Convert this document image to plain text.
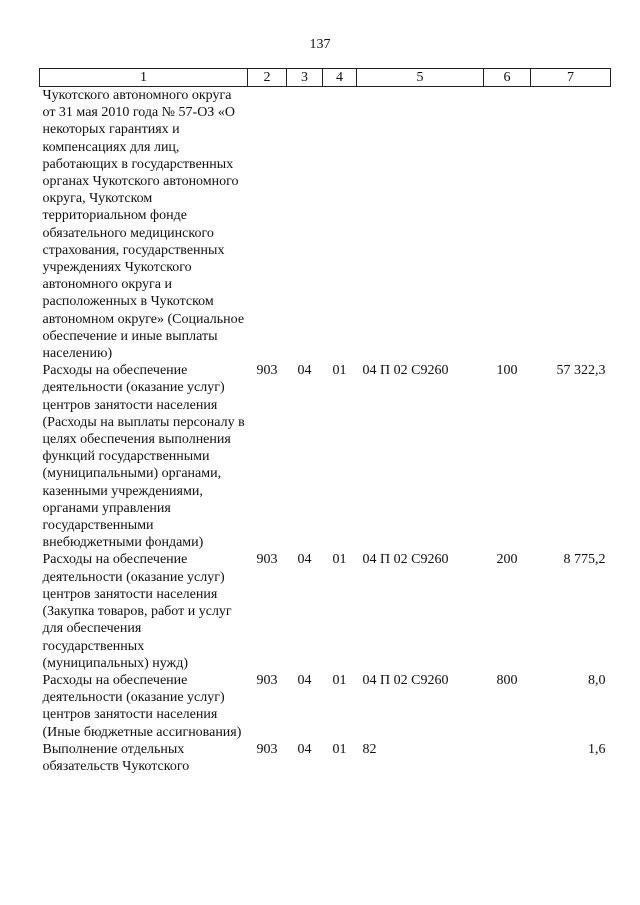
137
1	2	3	4	5	6	7
Чукотского автономного округа от 31 мая 2010 года № 57-ОЗ «О некоторых гарантиях и компенсациях для лиц, работающих в государственных органах Чукотского автономного округа, Чукотском территориальном фонде обязательного медицинского страхования, государственных учреждениях Чукотского автономного округа и расположенных в Чукотском автономном округе» (Социальное обеспечение и иные выплаты населению)						
Расходы на обеспечение деятельности (оказание услуг) центров занятости населения (Расходы на выплаты персоналу в целях обеспечения выполнения функций государственными (муниципальными) органами, казенными учреждениями, органами управления государственными внебюджетными фондами)	903	04	01	04 П 02 С9260	100	57 322,3
Расходы на обеспечение деятельности (оказание услуг) центров занятости населения (Закупка товаров, работ и услуг для обеспечения государственных (муниципальных) нужд)	903	04	01	04 П 02 С9260	200	8 775,2
Расходы на обеспечение деятельности (оказание услуг) центров занятости населения (Иные бюджетные ассигнования)	903	04	01	04 П 02 С9260	800	8,0
Выполнение отдельных обязательств Чукотского	903	04	01	82		1,6
